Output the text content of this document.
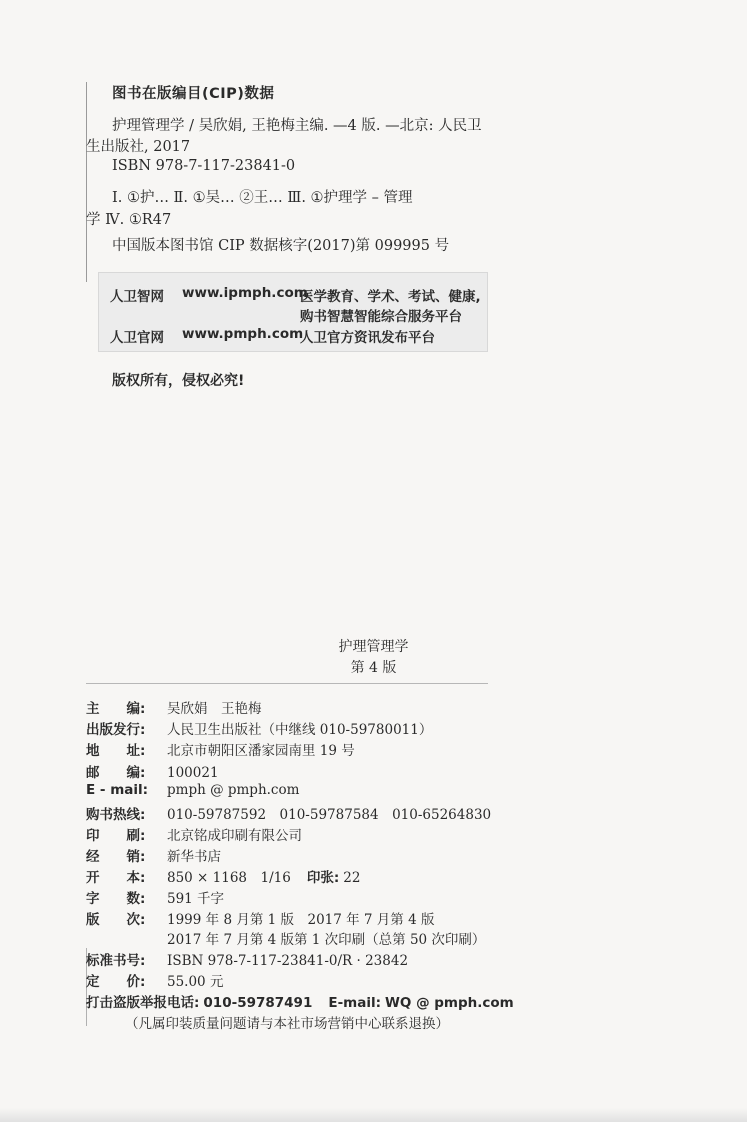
图书在版编目(CIP)数据
护理管理学 / 吴欣娟, 王艳梅主编. —4 版. —北京: 人民卫
生出版社, 2017
ISBN 978-7-117-23841-0
Ⅰ. ①护… Ⅱ. ①吴… ②王… Ⅲ. ①护理学 – 管理
学 Ⅳ. ①R47
中国版本图书馆 CIP 数据核字(2017)第 099995 号
人卫智网 www.ipmph.com
医学教育、学术、考试、健康,
购书智慧智能综合服务平台
人卫官网 www.pmph.com
人卫官方资讯发布平台
版权所有，侵权必究!
护理管理学
第 4 版
主　　编: 吴欣娟　王艳梅
出版发行: 人民卫生出版社（中继线 010-59780011）
地　　址: 北京市朝阳区潘家园南里 19 号
邮　　编: 100021
E - mail: pmph @ pmph.com
购书热线: 010-59787592　010-59787584　010-65264830
印　　刷: 北京铭成印刷有限公司
经　　销: 新华书店
开　　本: 850 × 1168　1/16 印张: 22
字　　数: 591 千字
版　　次: 1999 年 8 月第 1 版　2017 年 7 月第 4 版
2017 年 7 月第 4 版第 1 次印刷（总第 50 次印刷）
标准书号: ISBN 978-7-117-23841-0/R · 23842
定　　价: 55.00 元
打击盗版举报电话: 010-59787491 E-mail: WQ @ pmph.com
（凡属印装质量问题请与本社市场营销中心联系退换）
